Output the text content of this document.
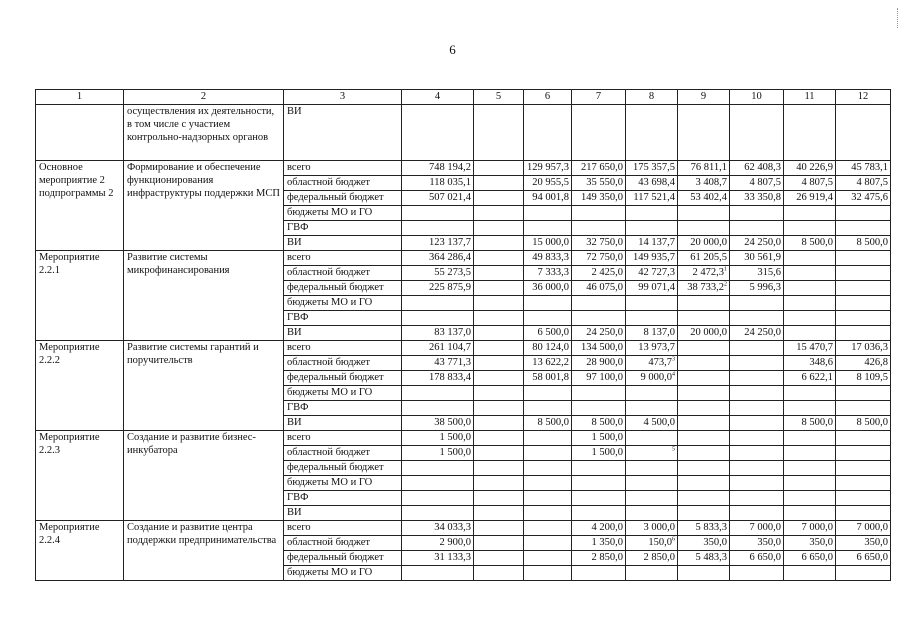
6
1	2	3	4	5	6	7	8	9	10	11	12
	осуществления их деятельности, в том числе с участием контрольно-надзорных органов	ВИ									
Основное мероприятие 2 подпрограммы 2	Формирование и обеспечение функционирования инфраструктуры поддержки МСП	всего	748 194,2		129 957,3	217 650,0	175 357,5	76 811,1	62 408,3	40 226,9	45 783,1
		областной бюджет	118 035,1		20 955,5	35 550,0	43 698,4	3 408,7	4 807,5	4 807,5	4 807,5
		федеральный бюджет	507 021,4		94 001,8	149 350,0	117 521,4	53 402,4	33 350,8	26 919,4	32 475,6
		бюджеты МО и ГО									
		ГВФ									
		ВИ	123 137,7		15 000,0	32 750,0	14 137,7	20 000,0	24 250,0	8 500,0	8 500,0
Мероприятие 2.2.1	Развитие системы микрофинансирования	всего	364 286,4		49 833,3	72 750,0	149 935,7	61 205,5	30 561,9		
		областной бюджет	55 273,5		7 333,3	2 425,0	42 727,3	2 472,3$^1$	315,6		
		федеральный бюджет	225 875,9		36 000,0	46 075,0	99 071,4	38 733,2$^2$	5 996,3		
		бюджеты МО и ГО									
		ГВФ									
		ВИ	83 137,0		6 500,0	24 250,0	8 137,0	20 000,0	24 250,0		
Мероприятие 2.2.2	Развитие системы гарантий и поручительств	всего	261 104,7		80 124,0	134 500,0	13 973,7			15 470,7	17 036,3
		областной бюджет	43 771,3		13 622,2	28 900,0	473,7$^3$			348,6	426,8
		федеральный бюджет	178 833,4		58 001,8	97 100,0	9 000,0$^4$			6 622,1	8 109,5
		бюджеты МО и ГО									
		ГВФ									
		ВИ	38 500,0		8 500,0	8 500,0	4 500,0			8 500,0	8 500,0
Мероприятие 2.2.3	Создание и развитие бизнес-инкубатора	всего	1 500,0			1 500,0					
		областной бюджет	1 500,0			1 500,0	$^5$				
		федеральный бюджет									
		бюджеты МО и ГО									
		ГВФ									
		ВИ									
Мероприятие 2.2.4	Создание и развитие центра поддержки предпринимательства	всего	34 033,3			4 200,0	3 000,0	5 833,3	7 000,0	7 000,0	7 000,0
		областной бюджет	2 900,0			1 350,0	150,0$^6$	350,0	350,0	350,0	350,0
		федеральный бюджет	31 133,3			2 850,0	2 850,0	5 483,3	6 650,0	6 650,0	6 650,0
		бюджеты МО и ГО									
